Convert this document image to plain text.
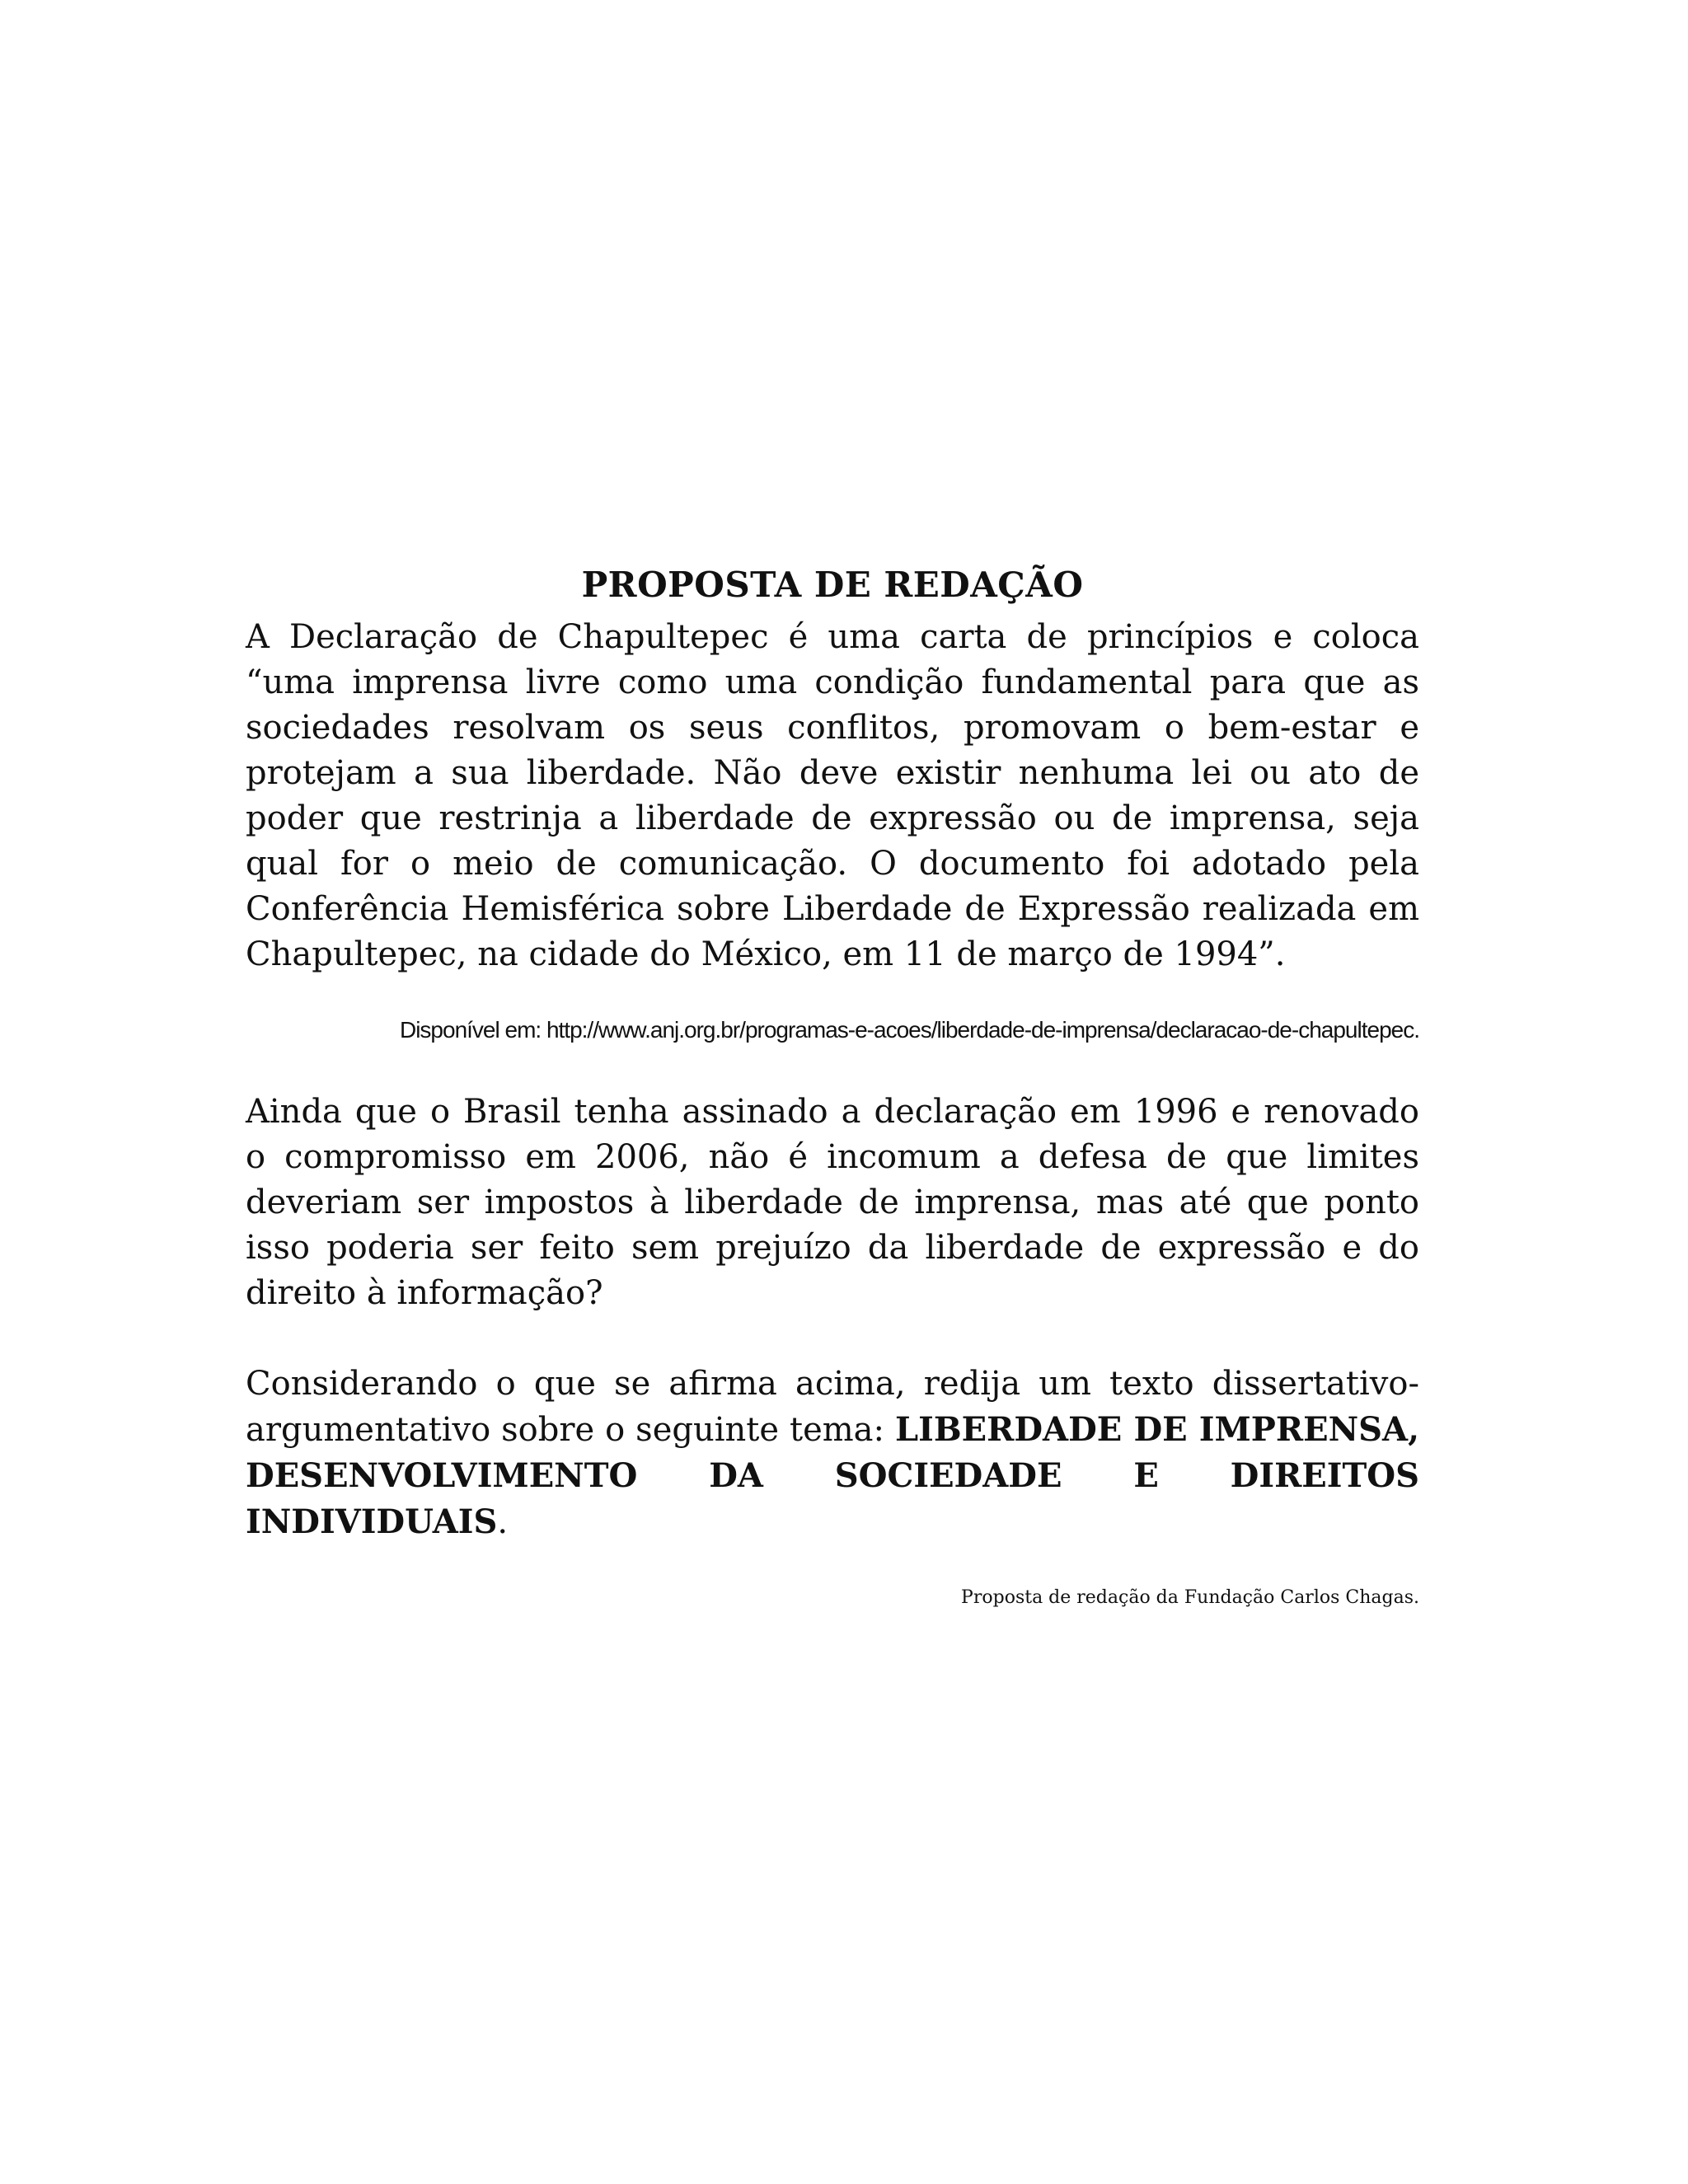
PROPOSTA DE REDAÇÃO

A Declaração de Chapultepec é uma carta de princípios e coloca “uma imprensa livre como uma condição fundamental para que as sociedades resolvam os seus conflitos, promovam o bem-estar e protejam a sua liberdade. Não deve existir nenhuma lei ou ato de poder que restrinja a liberdade de expressão ou de imprensa, seja qual for o meio de comunicação. O documento foi adotado pela Conferência Hemisférica sobre Liberdade de Expressão realizada em Chapultepec, na cidade do México, em 11 de março de 1994”.

Disponível em: http://www.anj.org.br/programas-e-acoes/liberdade-de-imprensa/declaracao-de-chapultepec.

Ainda que o Brasil tenha assinado a declaração em 1996 e renovado o compromisso em 2006, não é incomum a defesa de que limites deveriam ser impostos à liberdade de imprensa, mas até que ponto isso poderia ser feito sem prejuízo da liberdade de expressão e do direito à informação?

Considerando o que se afirma acima, redija um texto dissertativo-argumentativo sobre o seguinte tema: LIBERDADE DE IMPRENSA, DESENVOLVIMENTO DA SOCIEDADE E DIREITOS INDIVIDUAIS.

Proposta de redação da Fundação Carlos Chagas.
